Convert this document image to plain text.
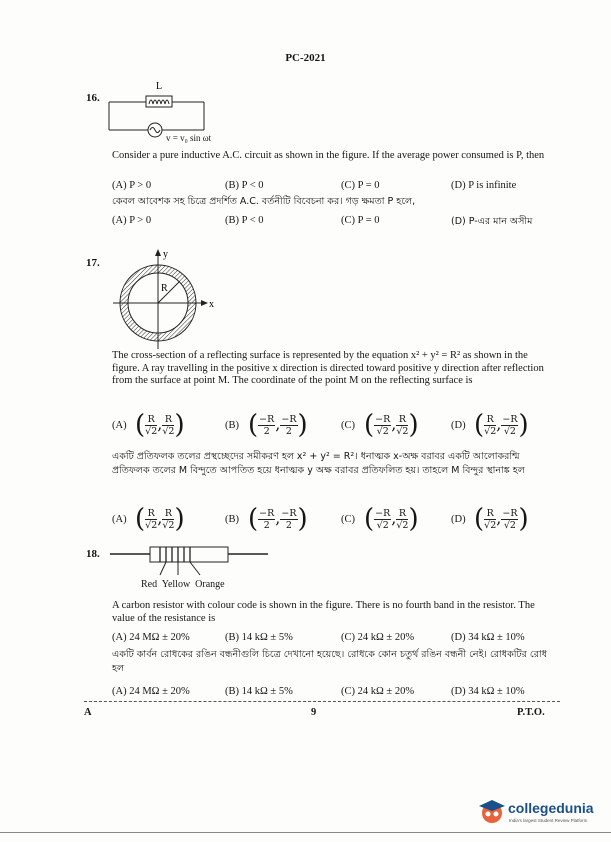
PC-2021
16.
L
v = v₀ sin ωt
Consider a pure inductive A.C. circuit as shown in the figure. If the average power consumed is P, then
(A) P > 0	(B) P < 0	(C) P = 0	(D) P is infinite
কেবল আবেশক সহ চিত্রে প্রদর্শিত A.C. বর্তনীটি বিবেচনা কর। গড় ক্ষমতা P হলে,
(A) P > 0	(B) P < 0	(C) P = 0	(D) P-এর মান অসীম
17.
y
x
R
The cross-section of a reflecting surface is represented by the equation x² + y² = R² as shown in the figure. A ray travelling in the positive x direction is directed toward positive y direction after reflection from the surface at point M. The coordinate of the point M on the reflecting surface is
(A) ( $\frac{R}{√2}$ , $\frac{R}{√2}$ )	(B) ( $\frac{-R}{2}$ , $\frac{-R}{2}$ )	(C) ( $\frac{-R}{√2}$ , $\frac{R}{√2}$ )	(D) ( $\frac{R}{√2}$ , $\frac{-R}{√2}$ )
একটি প্রতিফলক তলের প্রস্থচ্ছেদের সমীকরণ হল x² + y² = R²। ধনাত্মক x-অক্ষ বরাবর একটি আলোকরশ্মি প্রতিফলক তলের M বিন্দুতে আপতিত হয়ে ধনাত্মক y অক্ষ বরাবর প্রতিফলিত হয়। তাহলে M বিন্দুর স্থানাঙ্ক হল
(A) ( $\frac{R}{√2}$ , $\frac{R}{√2}$ )	(B) ( $\frac{-R}{2}$ , $\frac{-R}{2}$ )	(C) ( $\frac{-R}{√2}$ , $\frac{R}{√2}$ )	(D) ( $\frac{R}{√2}$ , $\frac{-R}{√2}$ )
18.
Red  Yellow  Orange
A carbon resistor with colour code is shown in the figure. There is no fourth band in the resistor. The value of the resistance is
(A) 24 MΩ ± 20%	(B) 14 kΩ ± 5%	(C) 24 kΩ ± 20%	(D) 34 kΩ ± 10%
একটি কার্বন রোধকের রঙিন বন্ধনীগুলি চিত্রে দেখানো হয়েছে। রোধকে কোন চতুর্থ রঙিন বন্ধনী নেই। রোধকটির রোধ হল
(A) 24 MΩ ± 20%	(B) 14 kΩ ± 5%	(C) 24 kΩ ± 20%	(D) 34 kΩ ± 10%
A	9	P.T.O.
collegedunia
India's largest Student Review Platform
